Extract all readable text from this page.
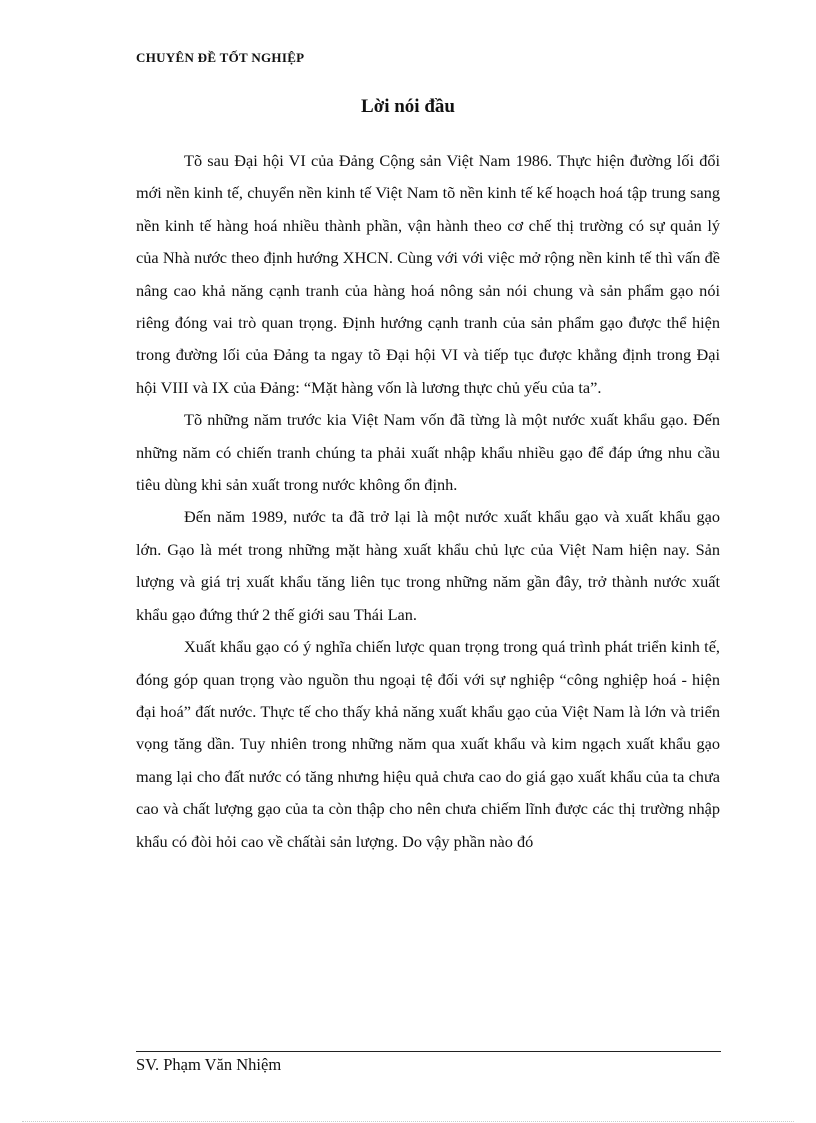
CHUYÊN ĐỀ TỐT NGHIỆP
Lời nói đầu

Tõ sau Đại hội VI của Đảng Cộng sản Việt Nam 1986. Thực hiện đường lối đổi mới nền kinh tế, chuyển nền kinh tế Việt Nam tõ nền kinh tế kế hoạch hoá tập trung sang nền kinh tế hàng hoá nhiều thành phần, vận hành theo cơ chế thị trường có sự quản lý của Nhà nước theo định hướng XHCN. Cùng với với việc mở rộng nền kinh tế thì vấn đề nâng cao khả năng cạnh tranh của hàng hoá nông sản nói chung và sản phẩm gạo nói riêng đóng vai trò quan trọng. Định hướng cạnh tranh của sản phẩm gạo được thể hiện trong đường lối của Đảng ta ngay tõ Đại hội VI và tiếp tục được khẳng định trong Đại hội VIII và IX của Đảng: “Mặt hàng vốn là lương thực chủ yếu của ta”.

Tõ những năm trước kia Việt Nam vốn đã từng là một nước xuất khẩu gạo. Đến những năm có chiến tranh chúng ta phải xuất nhập khẩu nhiều gạo để đáp ứng nhu cầu tiêu dùng khi sản xuất trong nước không ổn định.

Đến năm 1989, nước ta đã trở lại là một nước xuất khẩu gạo và xuất khẩu gạo lớn. Gạo là mét trong những mặt hàng xuất khẩu chủ lực của Việt Nam hiện nay. Sản lượng và giá trị xuất khẩu tăng liên tục trong những năm gần đây, trở thành nước xuất khẩu gạo đứng thứ 2 thế giới sau Thái Lan.

Xuất khẩu gạo có ý nghĩa chiến lược quan trọng trong quá trình phát triển kinh tế, đóng góp quan trọng vào nguồn thu ngoại tệ đối với sự nghiệp “công nghiệp hoá - hiện đại hoá” đất nước. Thực tế cho thấy khả năng xuất khẩu gạo của Việt Nam là lớn và triển vọng tăng dần. Tuy nhiên trong những năm qua xuất khẩu và kim ngạch xuất khẩu gạo mang lại cho đất nước có tăng nhưng hiệu quả chưa cao do giá gạo xuất khẩu của ta chưa cao và chất lượng gạo của ta còn thập cho nên chưa chiếm lĩnh được các thị trường nhập khẩu có đòi hỏi cao về chấtài sản lượng. Do vậy phần nào đó

SV. Phạm Văn Nhiệm
